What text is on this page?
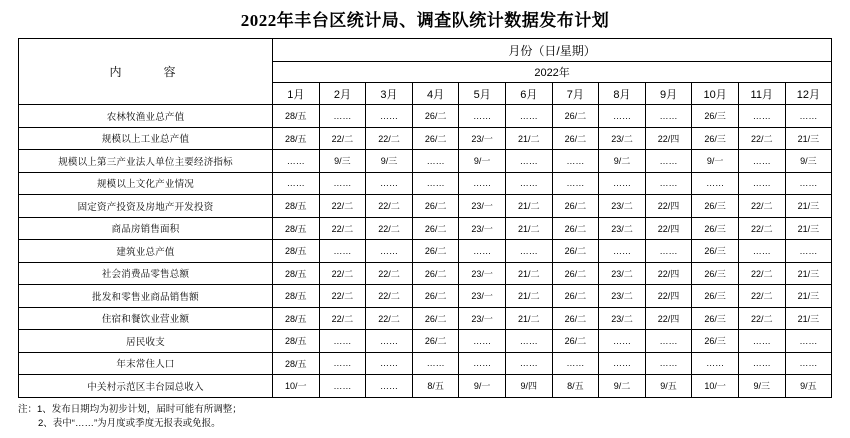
2022年丰台区统计局、调查队统计数据发布计划
内　　容	月份（日/星期）											
	2022年											
	1月	2月	3月	4月	5月	6月	7月	8月	9月	10月	11月	12月
农林牧渔业总产值	28/五	……	……	26/二	……	……	26/二	……	……	26/三	……	……
规模以上工业总产值	28/五	22/二	22/二	26/二	23/一	21/二	26/二	23/二	22/四	26/三	22/二	21/三
规模以上第三产业法人单位主要经济指标	……	9/三	9/三	……	9/一	……	……	9/二	……	9/一	……	9/三
规模以上文化产业情况	……	……	……	……	……	……	……	……	……	……	……	……
固定资产投资及房地产开发投资	28/五	22/二	22/二	26/二	23/一	21/二	26/二	23/二	22/四	26/三	22/二	21/三
商品房销售面积	28/五	22/二	22/二	26/二	23/一	21/二	26/二	23/二	22/四	26/三	22/二	21/三
建筑业总产值	28/五	……	……	26/二	……	……	26/二	……	……	26/三	……	……
社会消费品零售总额	28/五	22/二	22/二	26/二	23/一	21/二	26/二	23/二	22/四	26/三	22/二	21/三
批发和零售业商品销售额	28/五	22/二	22/二	26/二	23/一	21/二	26/二	23/二	22/四	26/三	22/二	21/三
住宿和餐饮业营业额	28/五	22/二	22/二	26/二	23/一	21/二	26/二	23/二	22/四	26/三	22/二	21/三
居民收支	28/五	……	……	26/二	……	……	26/二	……	……	26/三	……	……
年末常住人口	28/五	……	……	……	……	……	……	……	……	……	……	……
中关村示范区丰台园总收入	10/一	……	……	8/五	9/一	9/四	8/五	9/二	9/五	10/一	9/三	9/五
注：1、发布日期均为初步计划，届时可能有所调整；
2、表中“……”为月度或季度无报表或免报。
